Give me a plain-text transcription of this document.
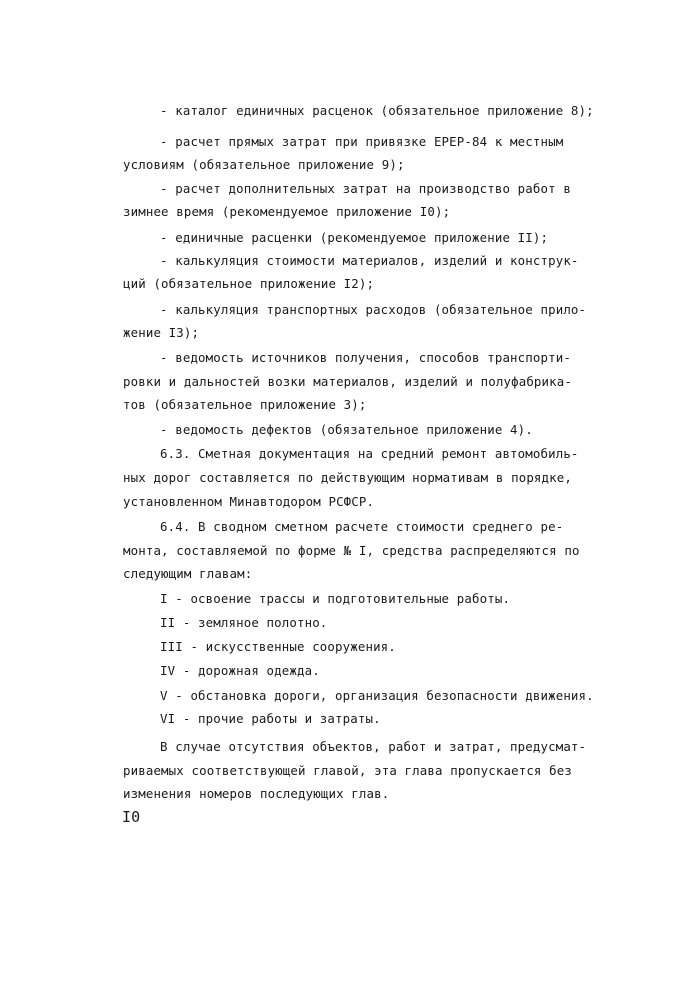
- каталог единичных расценок (обязательное приложение 8);
- расчет прямых затрат при привязке ЕРЕР-84 к местным
условиям (обязательное приложение 9);
- расчет дополнительных затрат на производство работ в
зимнее время (рекомендуемое приложение I0);
- единичные расценки (рекомендуемое приложение II);
- калькуляция стоимости материалов, изделий и конструк-
ций (обязательное приложение I2);
- калькуляция транспортных расходов (обязательное прило-
жение I3);
- ведомость источников получения, способов транспорти-
ровки и дальностей возки материалов, изделий и полуфабрика-
тов (обязательное приложение 3);
- ведомость дефектов (обязательное приложение 4).
6.3. Сметная документация на средний ремонт автомобиль-
ных дорог составляется по действующим нормативам в порядке,
установленном Минавтодором РСФСР.
6.4. В сводном сметном расчете стоимости среднего ре-
монта, составляемой по форме № I, средства распределяются по
следующим главам:
I - освоение трассы и подготовительные работы.
II - земляное полотно.
III - искусственные сооружения.
IV - дорожная одежда.
V - обстановка дороги, организация безопасности движения.
VI - прочие работы и затраты.
В случае отсутствия объектов, работ и затрат, предусмат-
риваемых соответствующей главой, эта глава пропускается без
изменения номеров последующих глав.
I0
